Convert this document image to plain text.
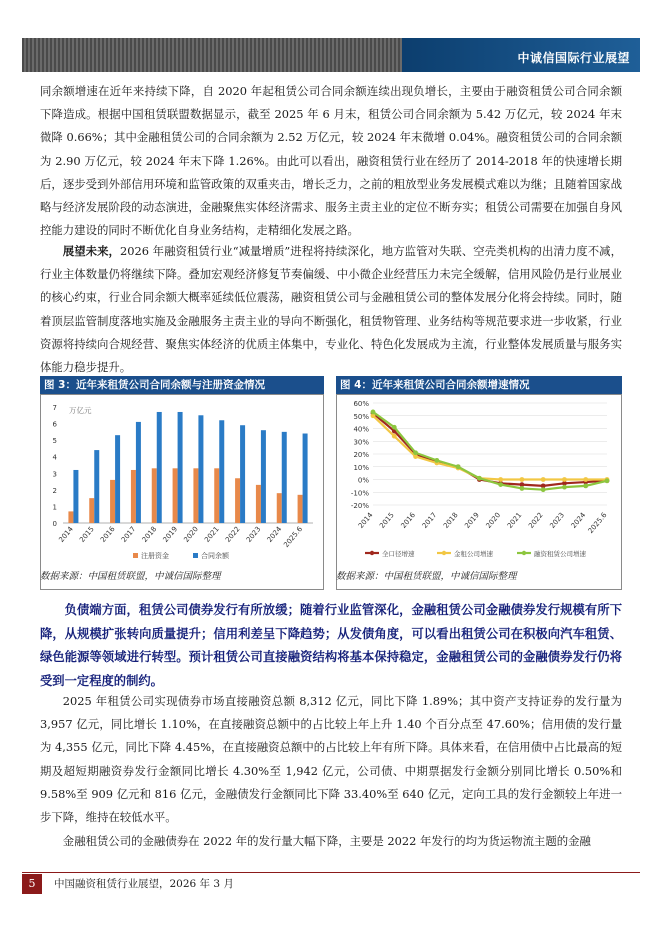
中诚信国际行业展望

同余额增速在近年来持续下降，自 2020 年起租赁公司合同余额连续出现负增长，主要由于融资租赁公司合同余额下降造成。根据中国租赁联盟数据显示，截至 2025 年 6 月末，租赁公司合同余额为 5.42 万亿元，较 2024 年末微降 0.66%；其中金融租赁公司的合同余额为 2.52 万亿元，较 2024 年末微增 0.04%。融资租赁公司的合同余额为 2.90 万亿元，较 2024 年末下降 1.26%。由此可以看出，融资租赁行业在经历了 2014-2018 年的快速增长期后，逐步受到外部信用环境和监管政策的双重夹击，增长乏力，之前的粗放型业务发展模式难以为继；且随着国家战略与经济发展阶段的动态演进，金融聚焦实体经济需求、服务主责主业的定位不断夯实；租赁公司需要在加强自身风控能力建设的同时不断优化自身业务结构，走精细化发展之路。

展望未来，2026 年融资租赁行业“减量增质”进程将持续深化，地方监管对失联、空壳类机构的出清力度不减，行业主体数量仍将继续下降。叠加宏观经济修复节奏偏缓、中小微企业经营压力未完全缓解，信用风险仍是行业展业的核心约束，行业合同余额大概率延续低位震荡，融资租赁公司与金融租赁公司的整体发展分化将会持续。同时，随着顶层监管制度落地实施及金融服务主责主业的导向不断强化，租赁物管理、业务结构等规范要求进一步收紧，行业资源将持续向合规经营、聚焦实体经济的优质主体集中，专业化、特色化发展成为主流，行业整体发展质量与服务实体能力稳步提升。

图 3：近年来租赁公司合同余额与注册资金情况
0
1
2
3
4
5
6
7 万亿元
2014 2015 2016 2017 2018 2019 2020 2021 2022 2023 2024
2025.6
注册资金	合同余额
数据来源：中国租赁联盟，中诚信国际整理
图 4：近年来租赁公司合同余额增速情况
-20%
-10%
0%
10%
20%
30%
40%
50%
60%
2014 2015 2016 2017 2018 2019 2020 2021 2022 2023 2024 2025.6
全口径增速	金租公司增速	融资租赁公司增速
数据来源：中国租赁联盟，中诚信国际整理

负债端方面，租赁公司债券发行有所放缓；随着行业监管深化，金融租赁公司金融债券发行规模有所下降，从规模扩张转向质量提升；信用利差呈下降趋势；从发债角度，可以看出租赁公司在积极向汽车租赁、绿色能源等领域进行转型。预计租赁公司直接融资结构将基本保持稳定，金融租赁公司的金融债券发行仍将受到一定程度的制约。

2025 年租赁公司实现债券市场直接融资总额 8,312 亿元，同比下降 1.89%；其中资产支持证券的发行量为 3,957 亿元，同比增长 1.10%，在直接融资总额中的占比较上年上升 1.40 个百分点至 47.60%；信用债的发行量为 4,355 亿元，同比下降 4.45%，在直接融资总额中的占比较上年有所下降。具体来看，在信用债中占比最高的短期及超短期融资券发行金额同比增长 4.30%至 1,942 亿元，公司债、中期票据发行金额分别同比增长 0.50%和 9.58%至 909 亿元和 816 亿元，金融债发行金额同比下降 33.40%至 640 亿元，定向工具的发行金额较上年进一步下降，维持在较低水平。

金融租赁公司的金融债券在 2022 年的发行量大幅下降，主要是 2022 年发行的均为货运物流主题的金融

5	中国融资租赁行业展望，2026 年 3 月
